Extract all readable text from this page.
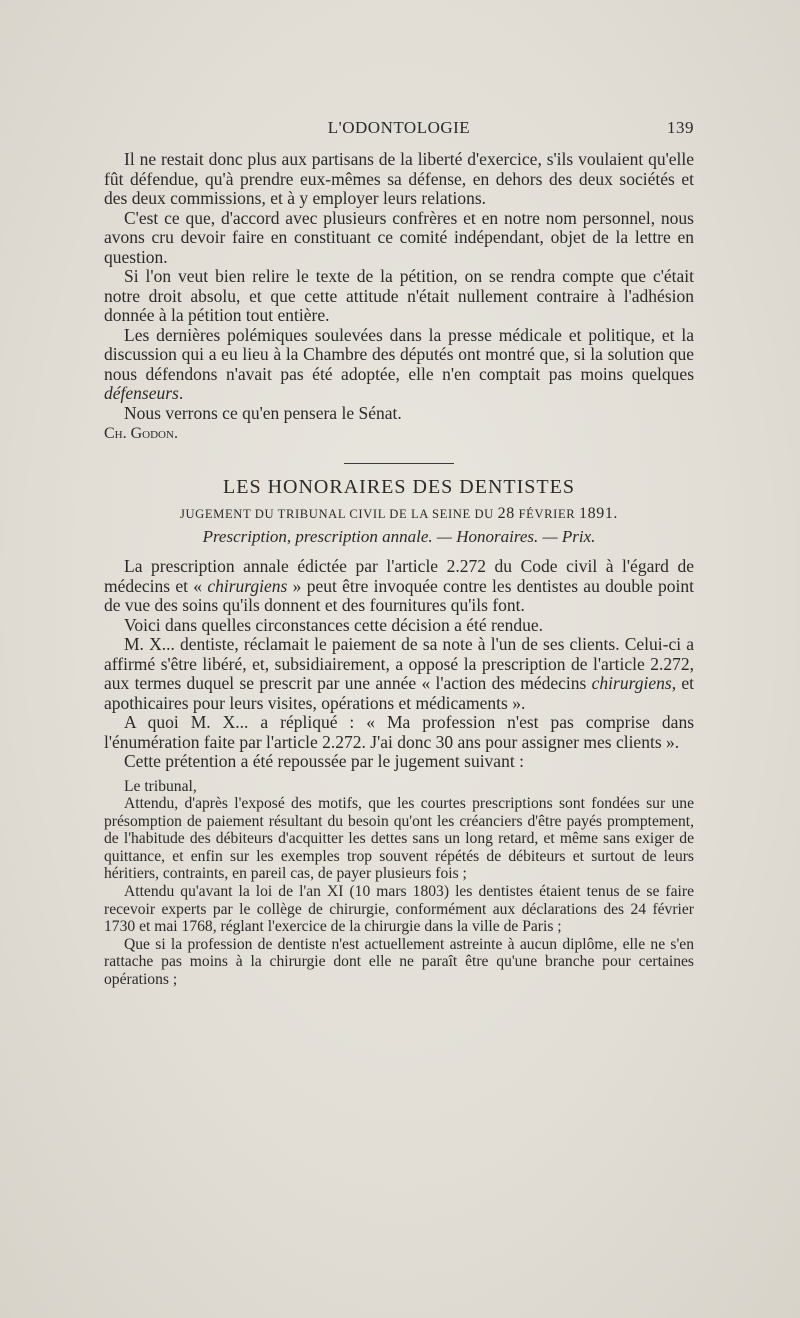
L'ODONTOLOGIE	139

Il ne restait donc plus aux partisans de la liberté d'exercice, s'ils voulaient qu'elle fût défendue, qu'à prendre eux-mêmes sa défense, en dehors des deux sociétés et des deux commissions, et à y employer leurs relations.

C'est ce que, d'accord avec plusieurs confrères et en notre nom personnel, nous avons cru devoir faire en constituant ce comité indépendant, objet de la lettre en question.

Si l'on veut bien relire le texte de la pétition, on se rendra compte que c'était notre droit absolu, et que cette attitude n'était nullement contraire à l'adhésion donnée à la pétition tout entière.

Les dernières polémiques soulevées dans la presse médicale et politique, et la discussion qui a eu lieu à la Chambre des députés ont montré que, si la solution que nous défendons n'avait pas été adoptée, elle n'en comptait pas moins quelques défenseurs.

Nous verrons ce qu'en pensera le Sénat.

Ch. Godon.

LES HONORAIRES DES DENTISTES
JUGEMENT DU TRIBUNAL CIVIL DE LA SEINE DU 28 FÉVRIER 1891.
Prescription, prescription annale. — Honoraires. — Prix.

La prescription annale édictée par l'article 2.272 du Code civil à l'égard de médecins et « chirurgiens » peut être invoquée contre les dentistes au double point de vue des soins qu'ils donnent et des fournitures qu'ils font.

Voici dans quelles circonstances cette décision a été rendue.

M. X... dentiste, réclamait le paiement de sa note à l'un de ses clients. Celui-ci a affirmé s'être libéré, et, subsidiairement, a opposé la prescription de l'article 2.272, aux termes duquel se prescrit par une année « l'action des médecins chirurgiens, et apothicaires pour leurs visites, opérations et médicaments ».

A quoi M. X... a répliqué : « Ma profession n'est pas comprise dans l'énumération faite par l'article 2.272. J'ai donc 30 ans pour assigner mes clients ».

Cette prétention a été repoussée par le jugement suivant :

Le tribunal,

Attendu, d'après l'exposé des motifs, que les courtes prescriptions sont fondées sur une présomption de paiement résultant du besoin qu'ont les créanciers d'être payés promptement, de l'habitude des débiteurs d'acquitter les dettes sans un long retard, et même sans exiger de quittance, et enfin sur les exemples trop souvent répétés de débiteurs et surtout de leurs héritiers, contraints, en pareil cas, de payer plusieurs fois ;

Attendu qu'avant la loi de l'an XI (10 mars 1803) les dentistes étaient tenus de se faire recevoir experts par le collège de chirurgie, conformément aux déclarations des 24 février 1730 et mai 1768, réglant l'exercice de la chirurgie dans la ville de Paris ;

Que si la profession de dentiste n'est actuellement astreinte à aucun diplôme, elle ne s'en rattache pas moins à la chirurgie dont elle ne paraît être qu'une branche pour certaines opérations ;
